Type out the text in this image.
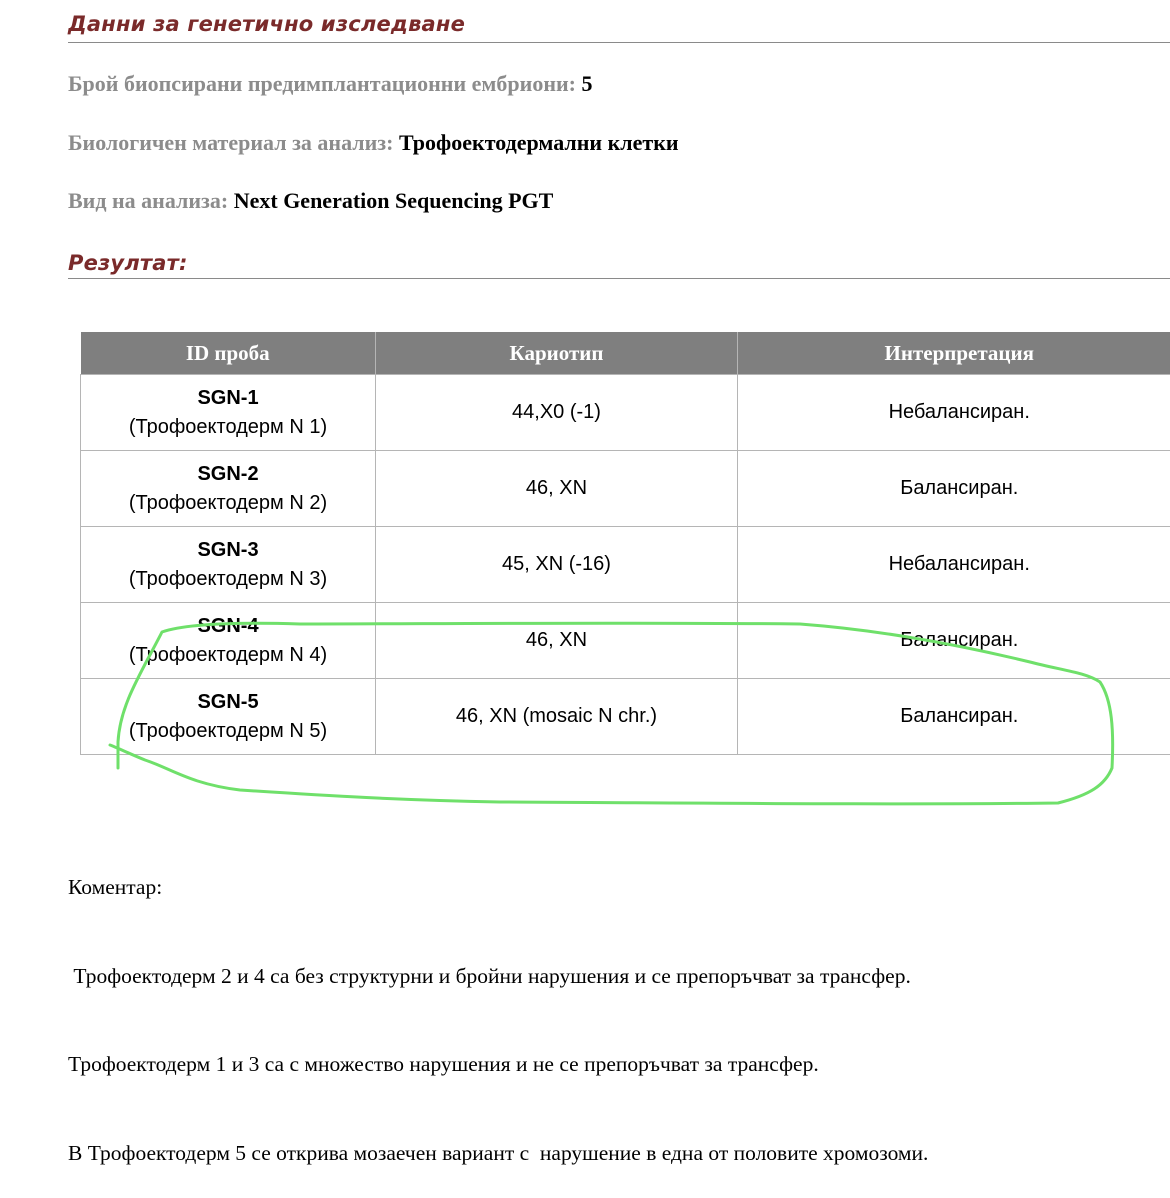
Данни за генетично изследване
Брой биопсирани предимплантационни ембриони: 5
Биологичен материал за анализ: Трофоектодермални клетки
Вид на анализа: Next Generation Sequencing PGT
Резултат:
ID проба	Кариотип	Интерпретация

SGN-1
(Трофоектодерм N 1)	44,X0 (-1)	Небалансиран.

SGN-2
(Трофоектодерм N 2)	46, XN	Балансиран.

SGN-3
(Трофоектодерм N 3)	45, XN (-16)	Небалансиран.

SGN-4
(Трофоектодерм N 4)	46, XN	Балансиран.

SGN-5
(Трофоектодерм N 5)	46, XN (mosaic N chr.)	Балансиран.

Коментар:

Трофоектодерм 2 и 4 са без структурни и бройни нарушения и се препоръчват за трансфер.

Трофоектодерм 1 и 3 са с множество нарушения и не се препоръчват за трансфер.

В Трофоектодерм 5 се открива мозаечен вариант с  нарушение в една от половите хромозоми.
